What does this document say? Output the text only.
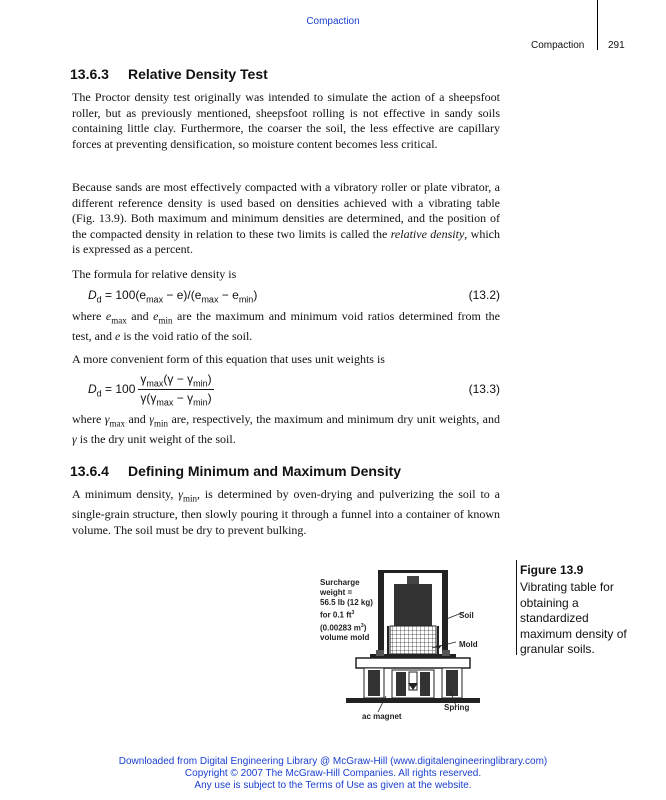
Compaction
Compaction 291
13.6.3 Relative Density Test
The Proctor density test originally was intended to simulate the action of a sheepsfoot roller, but as previously mentioned, sheepsfoot rolling is not effective in sandy soils containing little clay. Furthermore, the coarser the soil, the less effective are capillary forces at preventing densification, so moisture content becomes less critical.
Because sands are most effectively compacted with a vibratory roller or plate vibrator, a different reference density is used based on densities achieved with a vibrating table (Fig. 13.9). Both maximum and minimum densities are determined, and the position of the compacted density in relation to these two limits is called the relative density, which is expressed as a percent.
The formula for relative density is
$D_d = 100(e_{max} - e)/(e_{max} - e_{min})$	(13.2)
where $e_{max}$ and $e_{min}$ are the maximum and minimum void ratios determined from the test, and e is the void ratio of the soil.
A more convenient form of this equation that uses unit weights is
$D_d = 100 \frac{\gamma_{max}(\gamma - \gamma_{min})}{\gamma(\gamma_{max} - \gamma_{min})}$	(13.3)
where $\gamma_{max}$ and $\gamma_{min}$ are, respectively, the maximum and minimum dry unit weights, and γ is the dry unit weight of the soil.
13.6.4 Defining Minimum and Maximum Density
A minimum density, $\gamma_{min}$, is determined by oven-drying and pulverizing the soil to a single-grain structure, then slowly pouring it through a funnel into a container of known volume. The soil must be dry to prevent bulking.
Surcharge
weight =
56.5 lb (12 kg)
for 0.1 $ft^3$
(0.00283 $m^3$)
volume mold
Soil
Mold
Spring
ac magnet
Figure 13.9
Vibrating table for obtaining a standardized maximum density of granular soils.
Downloaded from Digital Engineering Library @ McGraw-Hill (www.digitalengineeringlibrary.com)
Copyright © 2007 The McGraw-Hill Companies. All rights reserved.
Any use is subject to the Terms of Use as given at the website.
